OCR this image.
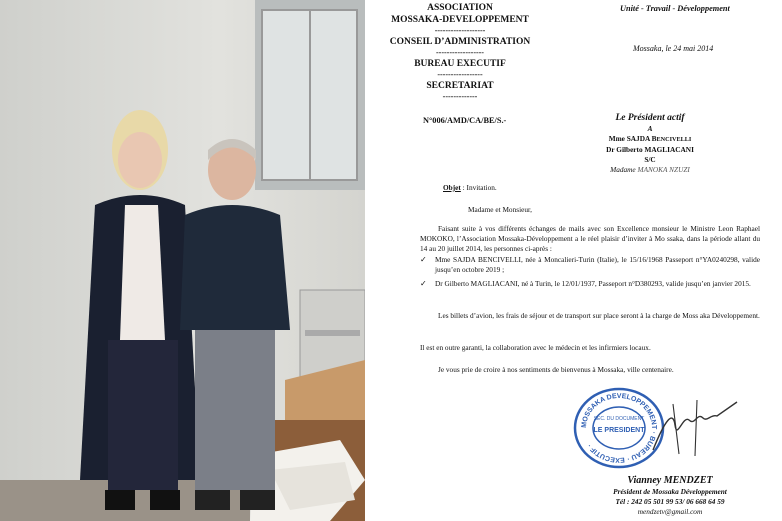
ASSOCIATION
MOSSAKA-DEVELOPPEMENT
-------------------
CONSEIL D’ADMINISTRATION
------------------
BUREAU EXECUTIF
-----------------
SECRETARIAT
-------------
Unité - Travail - Développement
Mossaka, le 24 mai 2014
N°006/AMD/CA/BE/S.-	Le Président actif
A
Mme SAJDA BENCIVELLI
Dr Gilberto MAGLIACANI
S/C
Madame MANOKA NZUZI
Objet : Invitation.
Madame et Monsieur,
Faisant suite à vos différents échanges de mails avec son Excellence monsieur le Ministre Leon Raphael MOKOKO, l’Association Mossaka-Développement a le réel plaisir d’inviter à Mo ssaka, dans la période allant du 14 au 20 juillet 2014, les personnes ci-après :
✓ Mme SAJDA BENCIVELLI, née à Moncalieri-Turin (Italie), le 15/16/1968 Passeport n°YA0240298, valide jusqu’en octobre 2019 ;
✓ Dr Gilberto MAGLIACANI, né à Turin, le 12/01/1937, Passeport n°D380293, valide jusqu’en janvier 2015.
Les billets d’avion, les frais de séjour et de transport sur place seront à la charge de Moss aka Développement.
Il est en outre garanti, la collaboration avec le médecin et les infirmiers locaux.
Je vous prie de croire à nos sentiments de bienvenus à Mossaka, ville centenaire.
MOSSAKA DEVELOPPEMENT · BUREAU · EXECUTIF ·
SEC. DU DOCUMENT
LE PRESIDENT
Vianney MENDZET
Président de Mossaka Développement
Tél : 242 05 501 99 53/ 06 668 64 59
mendzetv@gmail.com
